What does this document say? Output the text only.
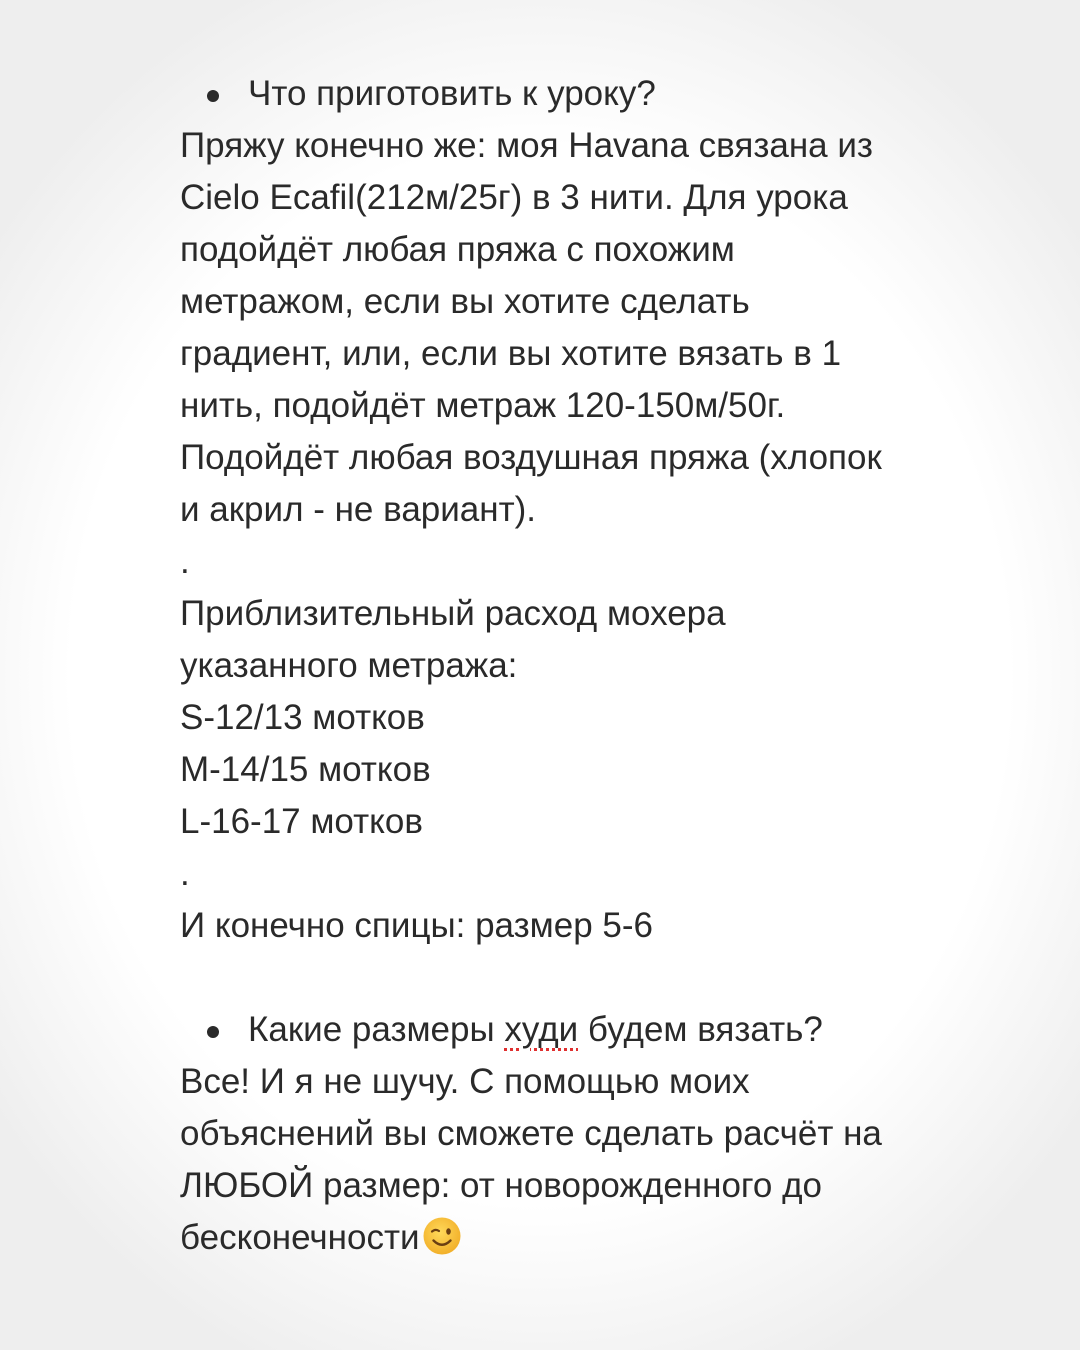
Что приготовить к уроку?
Пряжу конечно же: моя Havana связана из
Cielo Ecafil(212м/25г) в 3 нити. Для урока
подойдёт любая пряжа с похожим
метражом, если вы хотите сделать
градиент, или, если вы хотите вязать в 1
нить, подойдёт метраж 120-150м/50г.
Подойдёт любая воздушная пряжа (хлопок
и акрил - не вариант).
.
Приблизительный расход мохера
указанного метража:
S-12/13 мотков
M-14/15 мотков
L-16-17 мотков
.
И конечно спицы: размер 5-6
Какие размеры худи будем вязать?
Все! И я не шучу. С помощью моих
объяснений вы сможете сделать расчёт на
ЛЮБОЙ размер: от новорожденного до
бесконечности
